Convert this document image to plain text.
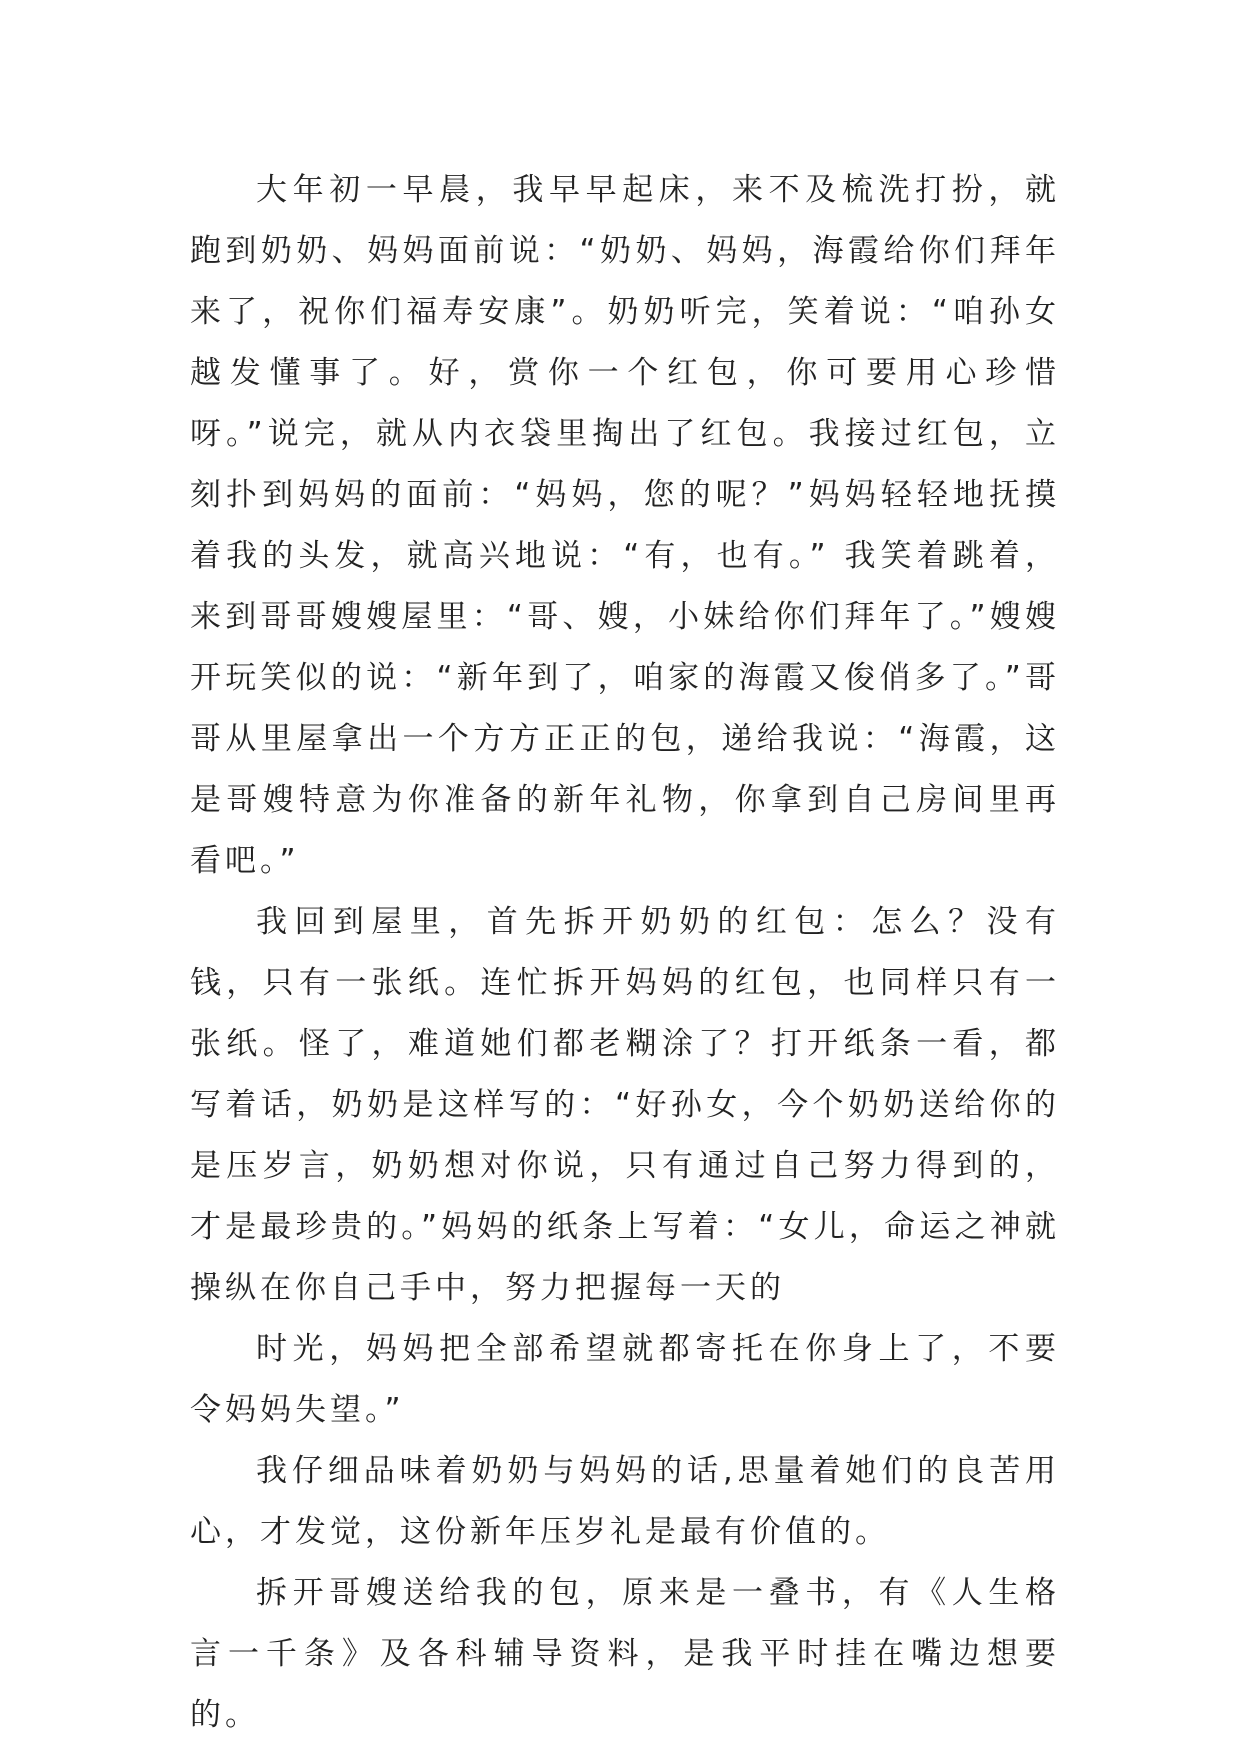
大年初一早晨，我早早起床，来不及梳洗打扮，就跑到奶奶、妈妈面前说：“奶奶、妈妈，海霞给你们拜年来了，祝你们福寿安康”。奶奶听完，笑着说：“咱孙女越发懂事了。好，赏你一个红包，你可要用心珍惜呀。”说完，就从内衣袋里掏出了红包。我接过红包，立刻扑到妈妈的面前：“妈妈，您的呢？”妈妈轻轻地抚摸着我的头发，就高兴地说：“有，也有。” 我笑着跳着，来到哥哥嫂嫂屋里：“哥、嫂，小妹给你们拜年了。”嫂嫂开玩笑似的说：“新年到了，咱家的海霞又俊俏多了。”哥哥从里屋拿出一个方方正正的包，递给我说：“海霞，这是哥嫂特意为你准备的新年礼物，你拿到自己房间里再看吧。”

我回到屋里，首先拆开奶奶的红包：怎么？没有钱，只有一张纸。连忙拆开妈妈的红包，也同样只有一张纸。怪了，难道她们都老糊涂了？打开纸条一看，都写着话，奶奶是这样写的：“好孙女，今个奶奶送给你的是压岁言，奶奶想对你说，只有通过自己努力得到的，才是最珍贵的。”妈妈的纸条上写着：“女儿，命运之神就操纵在你自己手中，努力把握每一天的

时光，妈妈把全部希望就都寄托在你身上了，不要令妈妈失望。”

我仔细品味着奶奶与妈妈的话,思量着她们的良苦用心，才发觉，这份新年压岁礼是最有价值的。

拆开哥嫂送给我的包，原来是一叠书，有《人生格言一千条》及各科辅导资料，是我平时挂在嘴边想要的。
